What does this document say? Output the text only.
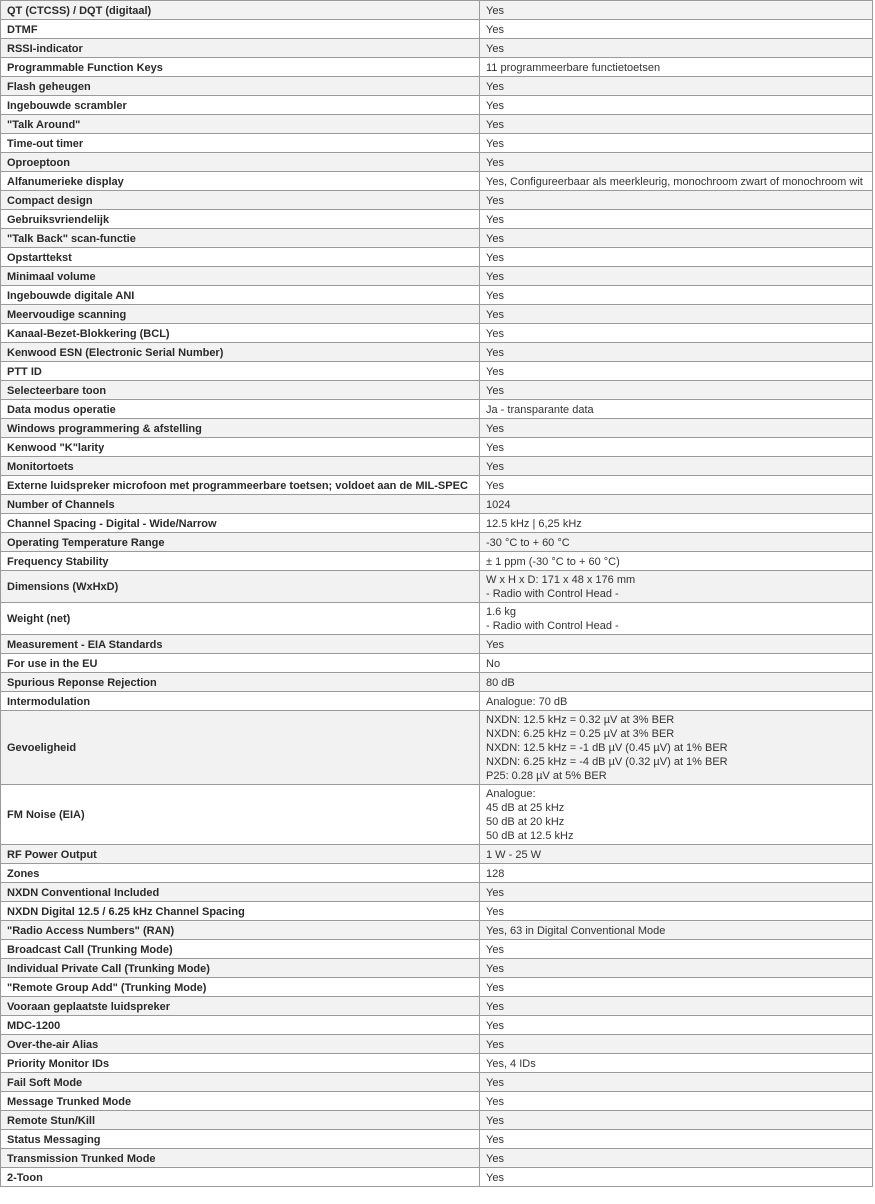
QT (CTCSS) / DQT (digitaal)	Yes

DTMF	Yes

RSSI-indicator	Yes

Programmable Function Keys	11 programmeerbare functietoetsen

Flash geheugen	Yes

Ingebouwde scrambler	Yes

"Talk Around"	Yes

Time-out timer	Yes

Oproeptoon	Yes

Alfanumerieke display	Yes, Configureerbaar als meerkleurig, monochroom zwart of monochroom wit

Compact design	Yes

Gebruiksvriendelijk	Yes

"Talk Back" scan-functie	Yes

Opstarttekst	Yes

Minimaal volume	Yes

Ingebouwde digitale ANI	Yes

Meervoudige scanning	Yes

Kanaal-Bezet-Blokkering (BCL)	Yes

Kenwood ESN (Electronic Serial Number)	Yes

PTT ID	Yes

Selecteerbare toon	Yes

Data modus operatie	Ja - transparante data

Windows programmering & afstelling	Yes

Kenwood "K"larity	Yes

Monitortoets	Yes

Externe luidspreker microfoon met programmeerbare toetsen; voldoet aan de MIL-SPEC	Yes

Number of Channels	1024

Channel Spacing - Digital - Wide/Narrow	12.5 kHz | 6,25 kHz

Operating Temperature Range	-30 °C to + 60 °C

Frequency Stability	± 1 ppm (-30 °C to + 60 °C)

Dimensions (WxHxD)	W x H x D: 171 x 48 x 176 mm
- Radio with Control Head -

Weight (net)	1.6 kg
- Radio with Control Head -

Measurement - EIA Standards	Yes

For use in the EU	No

Spurious Reponse Rejection	80 dB

Intermodulation	Analogue: 70 dB

Gevoeligheid	NXDN: 12.5 kHz = 0.32 µV at 3% BER
NXDN: 6.25 kHz = 0.25 µV at 3% BER
NXDN: 12.5 kHz = -1 dB µV (0.45 µV) at 1% BER
NXDN: 6.25 kHz = -4 dB µV (0.32 µV) at 1% BER
P25: 0.28 µV at 5% BER

FM Noise (EIA)	Analogue:
45 dB at 25 kHz
50 dB at 20 kHz
50 dB at 12.5 kHz

RF Power Output	1 W - 25 W

Zones	128

NXDN Conventional Included	Yes

NXDN Digital 12.5 / 6.25 kHz Channel Spacing	Yes

"Radio Access Numbers" (RAN)	Yes, 63 in Digital Conventional Mode

Broadcast Call (Trunking Mode)	Yes

Individual Private Call (Trunking Mode)	Yes

"Remote Group Add" (Trunking Mode)	Yes

Vooraan geplaatste luidspreker	Yes

MDC-1200	Yes

Over-the-air Alias	Yes

Priority Monitor IDs	Yes, 4 IDs

Fail Soft Mode	Yes

Message Trunked Mode	Yes

Remote Stun/Kill	Yes

Status Messaging	Yes

Transmission Trunked Mode	Yes

2-Toon	Yes
